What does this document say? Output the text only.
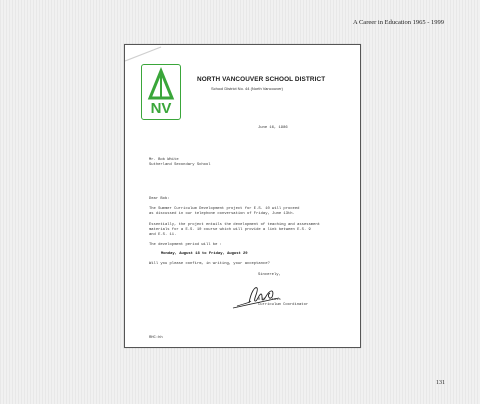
A Career in Education 1965 - 1999
NV
NORTH VANCOUVER SCHOOL DISTRICT
School District No. 44 (North Vancouver)
June 16, 1986
Mr. Bob White
Sutherland Secondary School
Dear Bob:
The Summer Curriculum Development project for E.S. 10 will proceed
as discussed in our telephone conversation of Friday, June 13th.
Essentially, the project entails the development of teaching and assessment
materials for a E.S. 10 course which will provide a link between E.S. 9
and E.S. 11.
The development period will be :
Monday, August 18 to Friday, August 29
Will you please confirm, in writing, your acceptance?
Sincerely,
R.H. Cross
Curriculum Coordinator
RHC:hh
131
